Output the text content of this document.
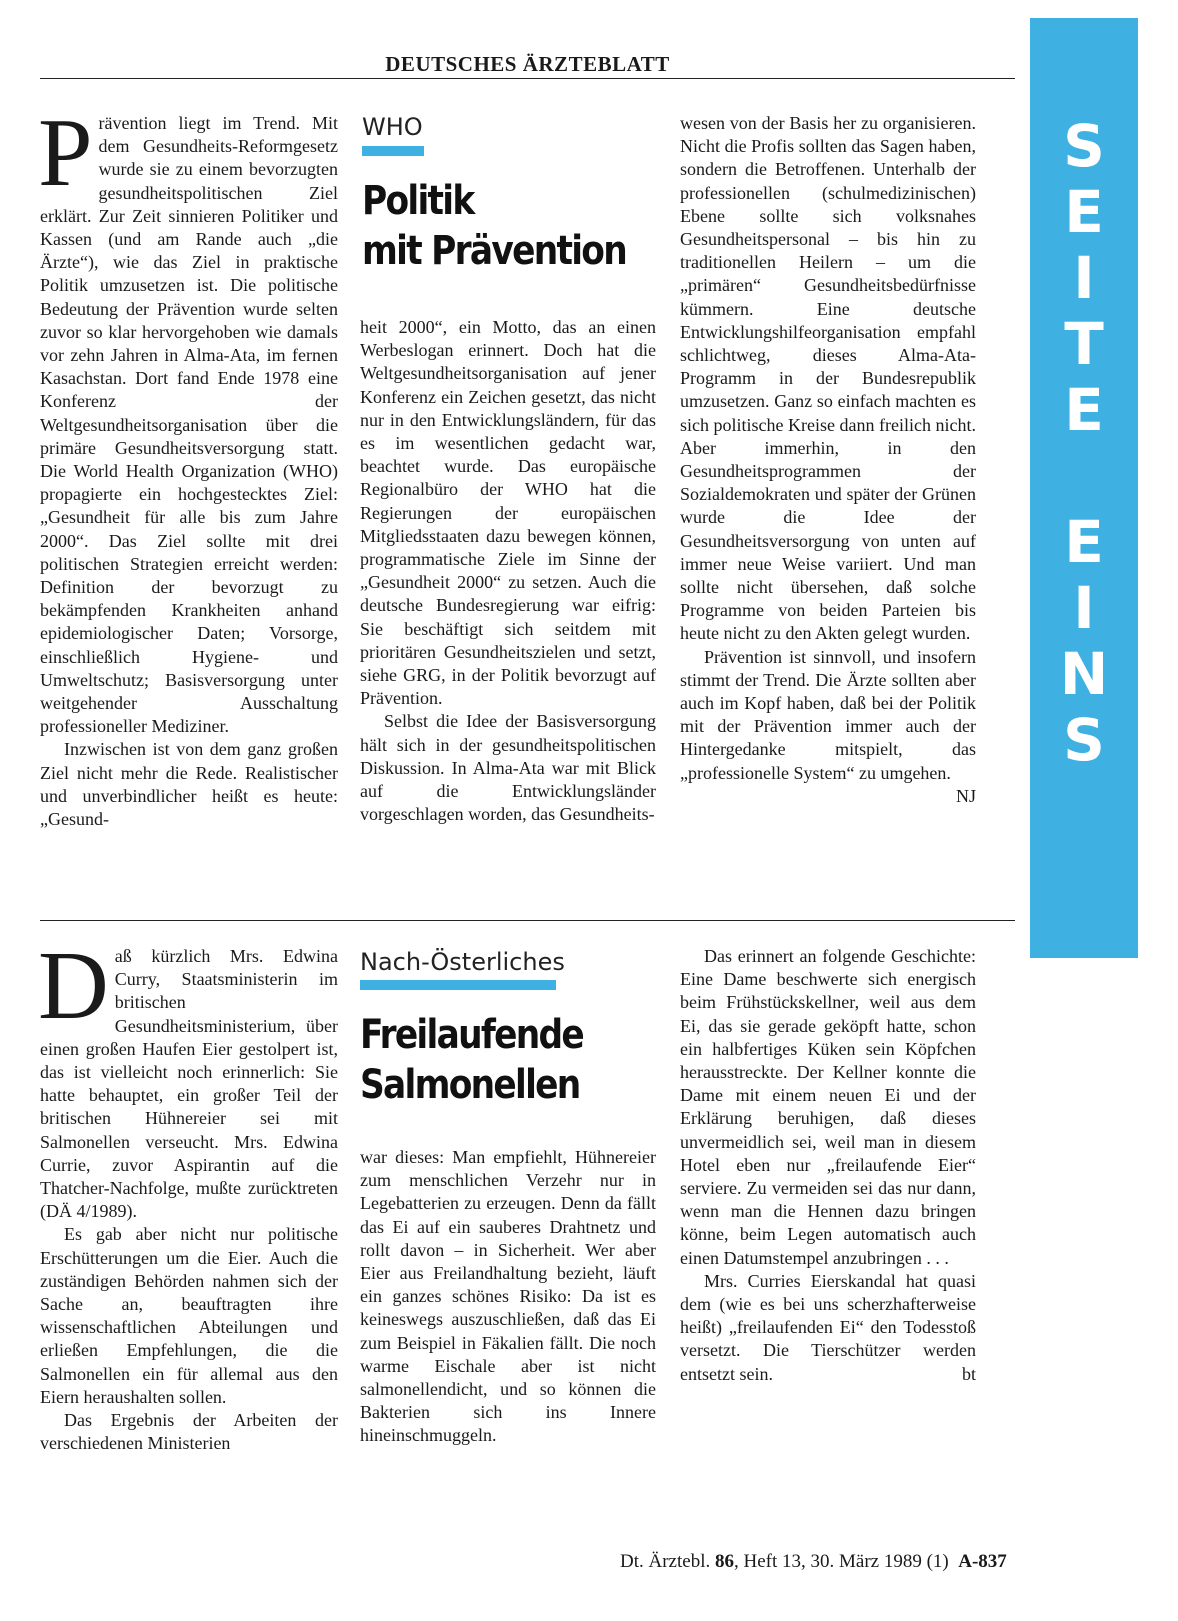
DEUTSCHES ÄRZTEBLATT
S
E
I
T
E
E
I
N
S

Prävention liegt im Trend. Mit dem Gesundheits-Reformgesetz wurde sie zu einem bevorzugten gesundheitspolitischen Ziel erklärt. Zur Zeit sinnieren Politiker und Kassen (und am Rande auch „die Ärzte“), wie das Ziel in praktische Politik umzusetzen ist. Die politische Bedeutung der Prävention wurde selten zuvor so klar hervorgehoben wie damals vor zehn Jahren in Alma-Ata, im fernen Kasachstan. Dort fand Ende 1978 eine Konferenz der Weltgesundheitsorganisation über die primäre Gesundheitsversorgung statt. Die World Health Organization (WHO) propagierte ein hochgestecktes Ziel: „Gesundheit für alle bis zum Jahre 2000“. Das Ziel sollte mit drei politischen Strategien erreicht werden: Definition der bevorzugt zu bekämpfenden Krankheiten anhand epidemiologischer Daten; Vorsorge, einschließlich Hygiene- und Umweltschutz; Basisversorgung unter weitgehender Ausschaltung professioneller Mediziner.

Inzwischen ist von dem ganz großen Ziel nicht mehr die Rede. Realistischer und unverbindlicher heißt es heute: „Gesund-

WHO
Politik
mit Prävention

heit 2000“, ein Motto, das an einen Werbeslogan erinnert. Doch hat die Weltgesundheitsorganisation auf jener Konferenz ein Zeichen gesetzt, das nicht nur in den Entwicklungsländern, für das es im wesentlichen gedacht war, beachtet wurde. Das europäische Regionalbüro der WHO hat die Regierungen der europäischen Mitgliedsstaaten dazu bewegen können, programmatische Ziele im Sinne der „Gesundheit 2000“ zu setzen. Auch die deutsche Bundesregierung war eifrig: Sie beschäftigt sich seitdem mit prioritären Gesundheitszielen und setzt, siehe GRG, in der Politik bevorzugt auf Prävention.

Selbst die Idee der Basisversorgung hält sich in der gesundheitspolitischen Diskussion. In Alma-Ata war mit Blick auf die Entwicklungsländer vorgeschlagen worden, das Gesundheits-

wesen von der Basis her zu organisieren. Nicht die Profis sollten das Sagen haben, sondern die Betroffenen. Unterhalb der professionellen (schulmedizinischen) Ebene sollte sich volksnahes Gesundheitspersonal – bis hin zu traditionellen Heilern – um die „primären“ Gesundheitsbedürfnisse kümmern. Eine deutsche Entwicklungshilfeorganisation empfahl schlichtweg, dieses Alma-Ata-Programm in der Bundesrepublik umzusetzen. Ganz so einfach machten es sich politische Kreise dann freilich nicht. Aber immerhin, in den Gesundheitsprogrammen der Sozialdemokraten und später der Grünen wurde die Idee der Gesundheitsversorgung von unten auf immer neue Weise variiert. Und man sollte nicht übersehen, daß solche Programme von beiden Parteien bis heute nicht zu den Akten gelegt wurden.

Prävention ist sinnvoll, und insofern stimmt der Trend. Die Ärzte sollten aber auch im Kopf haben, daß bei der Politik mit der Prävention immer auch der Hintergedanke mitspielt, das „professionelle System“ zu umgehen.
NJ

Daß kürzlich Mrs. Edwina Curry, Staatsministerin im britischen Gesundheitsministerium, über einen großen Haufen Eier gestolpert ist, das ist vielleicht noch erinnerlich: Sie hatte behauptet, ein großer Teil der britischen Hühnereier sei mit Salmonellen verseucht. Mrs. Edwina Currie, zuvor Aspirantin auf die Thatcher-Nachfolge, mußte zurücktreten (DÄ 4/1989).

Es gab aber nicht nur politische Erschütterungen um die Eier. Auch die zuständigen Behörden nahmen sich der Sache an, beauftragten ihre wissenschaftlichen Abteilungen und erließen Empfehlungen, die die Salmonellen ein für allemal aus den Eiern heraushalten sollen.

Das Ergebnis der Arbeiten der verschiedenen Ministerien

Nach-Österliches
Freilaufende
Salmonellen

war dieses: Man empfiehlt, Hühnereier zum menschlichen Verzehr nur in Legebatterien zu erzeugen. Denn da fällt das Ei auf ein sauberes Drahtnetz und rollt davon – in Sicherheit. Wer aber Eier aus Freilandhaltung bezieht, läuft ein ganzes schönes Risiko: Da ist es keineswegs auszuschließen, daß das Ei zum Beispiel in Fäkalien fällt. Die noch warme Eischale aber ist nicht salmonellendicht, und so können die Bakterien sich ins Innere hineinschmuggeln.

Das erinnert an folgende Geschichte: Eine Dame beschwerte sich energisch beim Frühstückskellner, weil aus dem Ei, das sie gerade geköpft hatte, schon ein halbfertiges Küken sein Köpfchen herausstreckte. Der Kellner konnte die Dame mit einem neuen Ei und der Erklärung beruhigen, daß dieses unvermeidlich sei, weil man in diesem Hotel eben nur „freilaufende Eier“ serviere. Zu vermeiden sei das nur dann, wenn man die Hennen dazu bringen könne, beim Legen automatisch auch einen Datumstempel anzubringen . . .

Mrs. Curries Eierskandal hat quasi dem (wie es bei uns scherzhafterweise heißt) „freilaufenden Ei“ den Todesstoß versetzt. Die Tierschützer werden entsetzt sein.	bt

Dt. Ärztebl. 86, Heft 13, 30. März 1989 (1) A-837
